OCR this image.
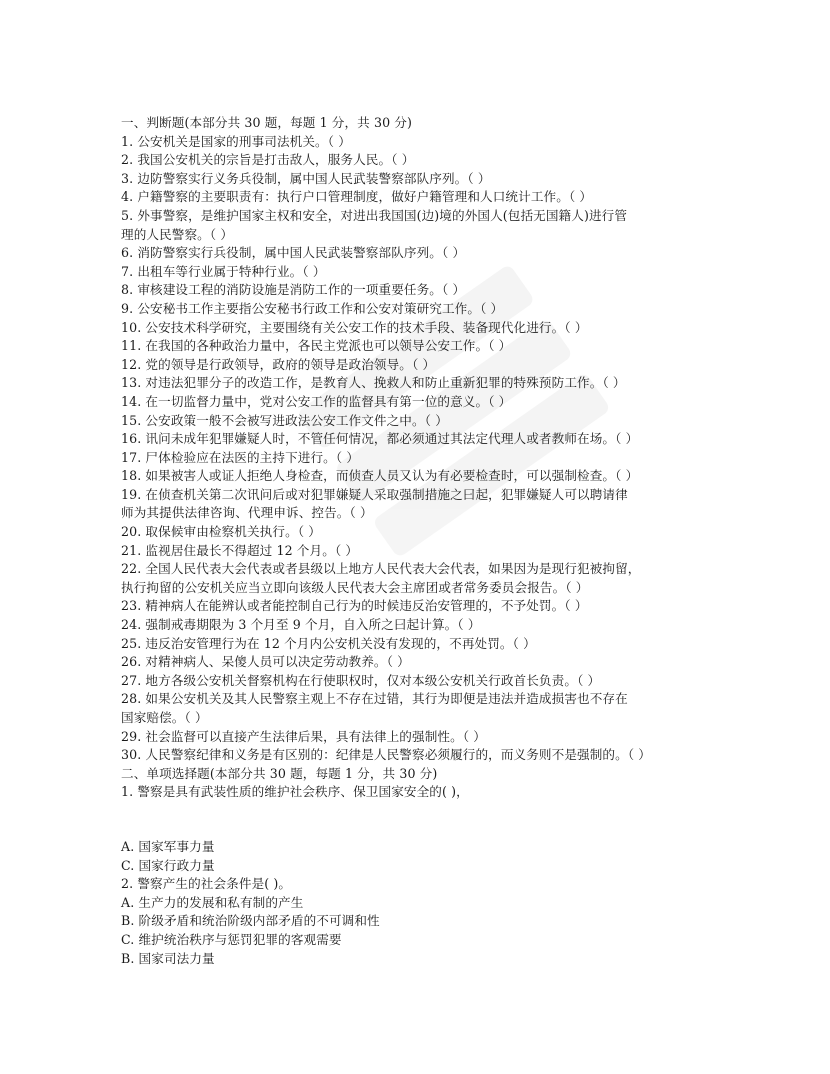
一、判断题(本部分共 30 题，每题 1 分，共 30 分)
1. 公安机关是国家的刑事司法机关。（ ）
2. 我国公安机关的宗旨是打击敌人，服务人民。（ ）
3. 边防警察实行义务兵役制，属中国人民武装警察部队序列。（ ）
4. 户籍警察的主要职责有：执行户口管理制度，做好户籍管理和人口统计工作。（ ）
5. 外事警察，是维护国家主权和安全，对进出我国国(边)境的外国人(包括无国籍人)进行管
理的人民警察。（ ）
6. 消防警察实行兵役制，属中国人民武装警察部队序列。（ ）
7. 出租车等行业属于特种行业。（ ）
8. 审核建设工程的消防设施是消防工作的一项重要任务。（ ）
9. 公安秘书工作主要指公安秘书行政工作和公安对策研究工作。（ ）
10. 公安技术科学研究，主要围绕有关公安工作的技术手段、装备现代化进行。（ ）
11. 在我国的各种政治力量中，各民主党派也可以领导公安工作。（ ）
12. 党的领导是行政领导，政府的领导是政治领导。（ ）
13. 对违法犯罪分子的改造工作，是教育人、挽救人和防止重新犯罪的特殊预防工作。（ ）
14. 在一切监督力量中，党对公安工作的监督具有第一位的意义。（ ）
15. 公安政策一般不会被写进政法公安工作文件之中。（ ）
16. 讯问未成年犯罪嫌疑人时，不管任何情况，都必须通过其法定代理人或者教师在场。（ ）
17. 尸体检验应在法医的主持下进行。（ ）
18. 如果被害人或证人拒绝人身检查，而侦查人员又认为有必要检查时，可以强制检查。（ ）
19. 在侦查机关第二次讯问后或对犯罪嫌疑人采取强制措施之曰起，犯罪嫌疑人可以聘请律
师为其提供法律咨询、代理申诉、控告。（ ）
20. 取保候审由检察机关执行。（ ）
21. 监视居住最长不得超过 12 个月。（ ）
22. 全国人民代表大会代表或者县级以上地方人民代表大会代表，如果因为是现行犯被拘留，
执行拘留的公安机关应当立即向该级人民代表大会主席团或者常务委员会报告。（ ）
23. 精神病人在能辨认或者能控制自己行为的时候违反治安管理的，不予处罚。（ ）
24. 强制戒毒期限为 3 个月至 9 个月，自入所之曰起计算。（ ）
25. 违反治安管理行为在 12 个月内公安机关没有发现的，不再处罚。（ ）
26. 对精神病人、呆傻人员可以决定劳动教养。（ ）
27. 地方各级公安机关督察机构在行使职权时，仅对本级公安机关行政首长负责。（ ）
28. 如果公安机关及其人民警察主观上不存在过错，其行为即便是违法并造成损害也不存在
国家赔偿。（ ）
29. 社会监督可以直接产生法律后果，具有法律上的强制性。（ ）
30. 人民警察纪律和义务是有区别的：纪律是人民警察必须履行的，而义务则不是强制的。（ ）
二、单项选择题(本部分共 30 题，每题 1 分，共 30 分)
1. 警察是具有武装性质的维护社会秩序、保卫国家安全的( )，
A. 国家军事力量
C. 国家行政力量
2. 警察产生的社会条件是( )。
A. 生产力的发展和私有制的产生
B. 阶级矛盾和统治阶级内部矛盾的不可调和性
C. 维护统治秩序与惩罚犯罪的客观需要
B. 国家司法力量
